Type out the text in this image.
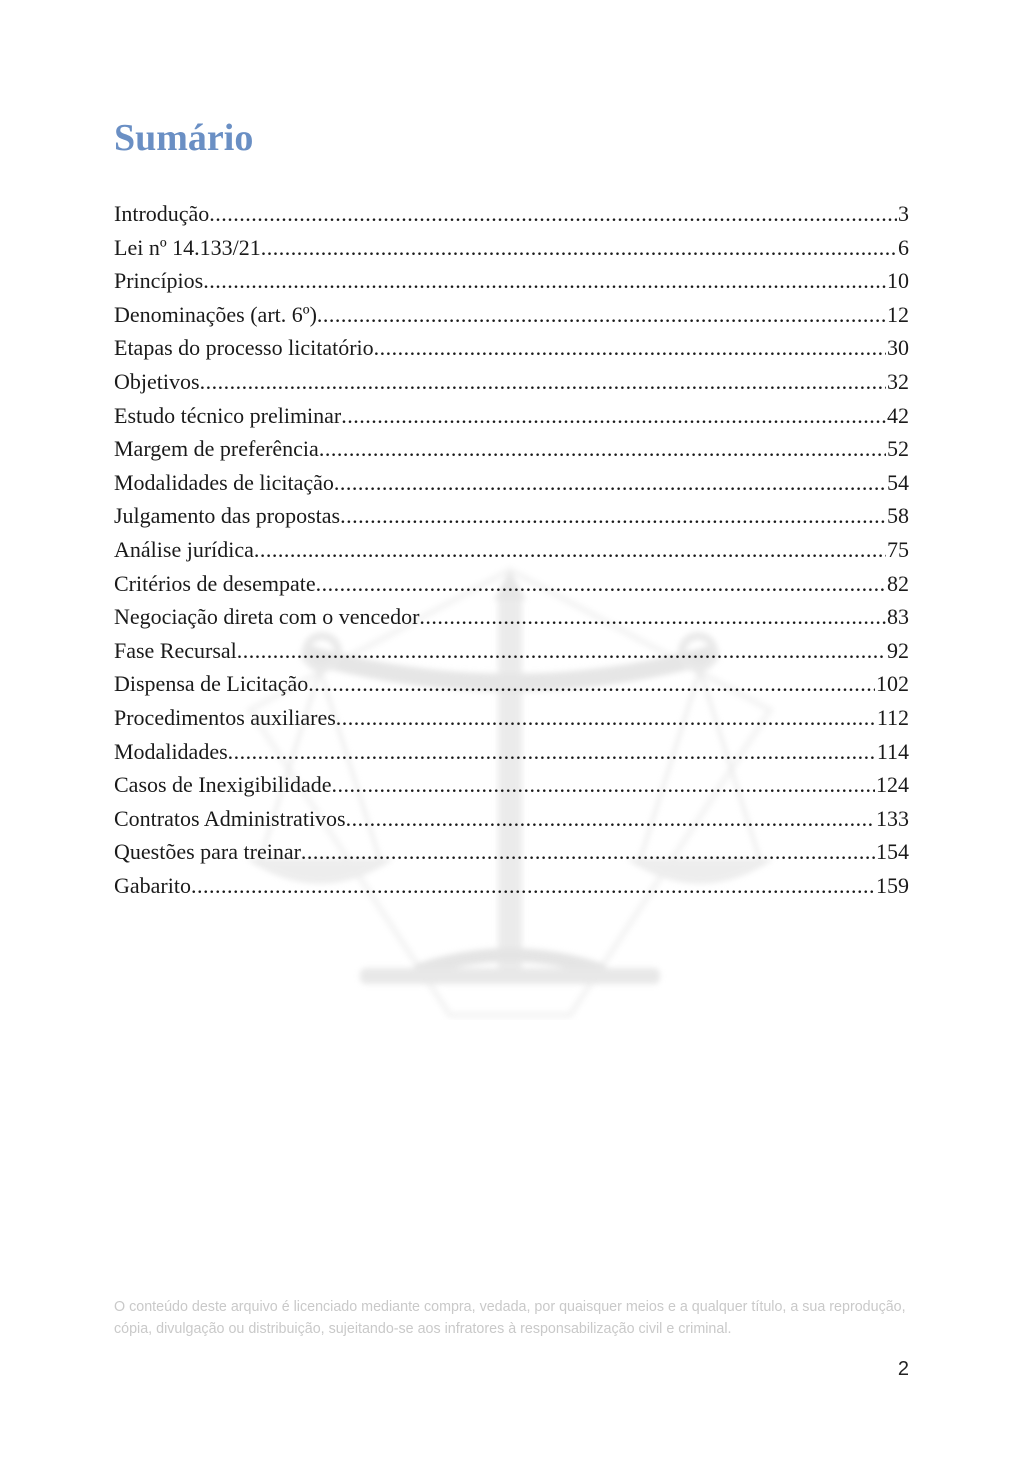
Sumário
Introdução .....	3
Lei nº 14.133/21 .....	6
Princípios .....	10
Denominações (art. 6º) .....	12
Etapas do processo licitatório .....	30
Objetivos .....	32
Estudo técnico preliminar .....	42
Margem de preferência .....	52
Modalidades de licitação .....	54
Julgamento das propostas .....	58
Análise jurídica .....	75
Critérios de desempate .....	82
Negociação direta com o vencedor .....	83
Fase Recursal .....	92
Dispensa de Licitação .....	102
Procedimentos auxiliares .....	112
Modalidades .....	114
Casos de Inexigibilidade .....	124
Contratos Administrativos .....	133
Questões para treinar .....	154
Gabarito .....	159

O conteúdo deste arquivo é licenciado mediante compra, vedada, por quaisquer meios e a qualquer título, a sua reprodução, cópia, divulgação ou distribuição, sujeitando-se aos infratores à responsabilização civil e criminal.

2
